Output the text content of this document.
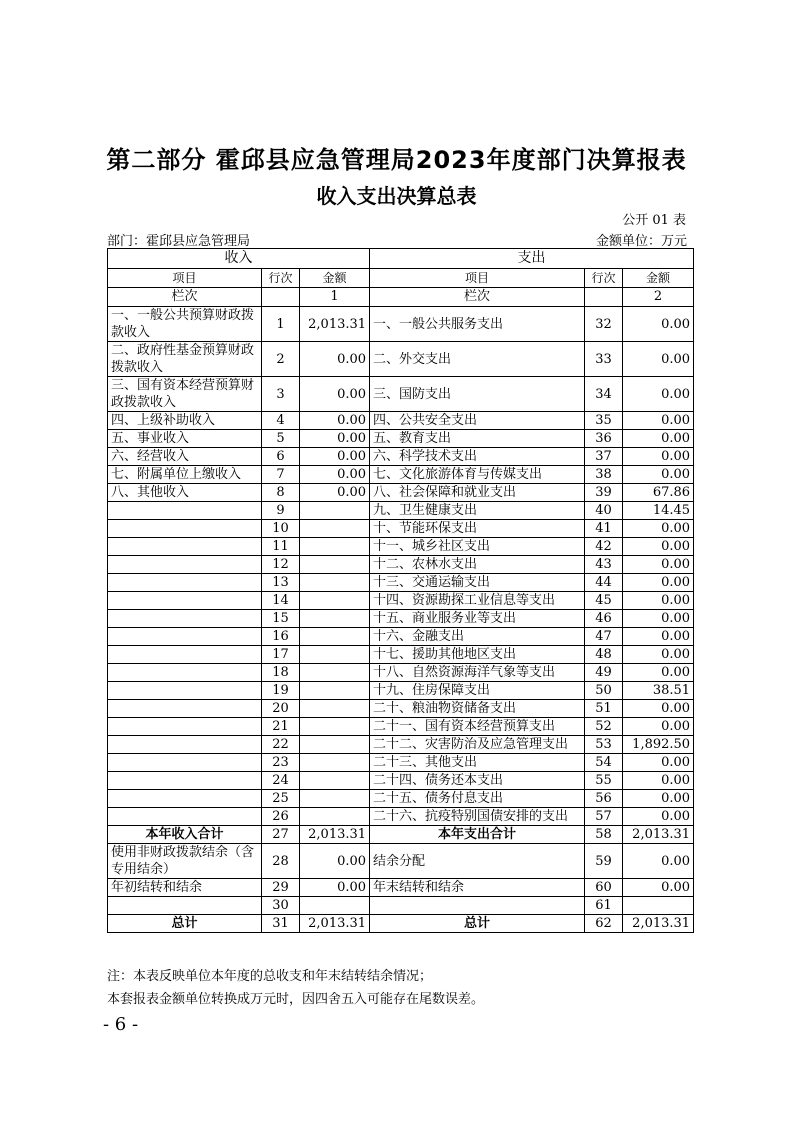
第二部分 霍邱县应急管理局2023年度部门决算报表
收入支出决算总表
公开 01 表
部门：霍邱县应急管理局	金额单位：万元
收入			支出		
项目	行次	金额	项目	行次	金额
栏次		1	栏次		2
一、一般公共预算财政拨款收入	1	2,013.31	一、一般公共服务支出	32	0.00
二、政府性基金预算财政拨款收入	2	0.00	二、外交支出	33	0.00
三、国有资本经营预算财政拨款收入	3	0.00	三、国防支出	34	0.00
四、上级补助收入	4	0.00	四、公共安全支出	35	0.00
五、事业收入	5	0.00	五、教育支出	36	0.00
六、经营收入	6	0.00	六、科学技术支出	37	0.00
七、附属单位上缴收入	7	0.00	七、文化旅游体育与传媒支出	38	0.00
八、其他收入	8	0.00	八、社会保障和就业支出	39	67.86
	9		九、卫生健康支出	40	14.45
	10		十、节能环保支出	41	0.00
	11		十一、城乡社区支出	42	0.00
	12		十二、农林水支出	43	0.00
	13		十三、交通运输支出	44	0.00
	14		十四、资源勘探工业信息等支出	45	0.00
	15		十五、商业服务业等支出	46	0.00
	16		十六、金融支出	47	0.00
	17		十七、援助其他地区支出	48	0.00
	18		十八、自然资源海洋气象等支出	49	0.00
	19		十九、住房保障支出	50	38.51
	20		二十、粮油物资储备支出	51	0.00
	21		二十一、国有资本经营预算支出	52	0.00
	22		二十二、灾害防治及应急管理支出	53	1,892.50
	23		二十三、其他支出	54	0.00
	24		二十四、债务还本支出	55	0.00
	25		二十五、债务付息支出	56	0.00
	26		二十六、抗疫特别国债安排的支出	57	0.00
本年收入合计	27	2,013.31	本年支出合计	58	2,013.31
使用非财政拨款结余（含专用结余）	28	0.00	结余分配	59	0.00
年初结转和结余	29	0.00	年末结转和结余	60	0.00
	30			61	
总计	31	2,013.31	总计	62	2,013.31
注：本表反映单位本年度的总收支和年末结转结余情况；
本套报表金额单位转换成万元时，因四舍五入可能存在尾数误差。
- 6 -
